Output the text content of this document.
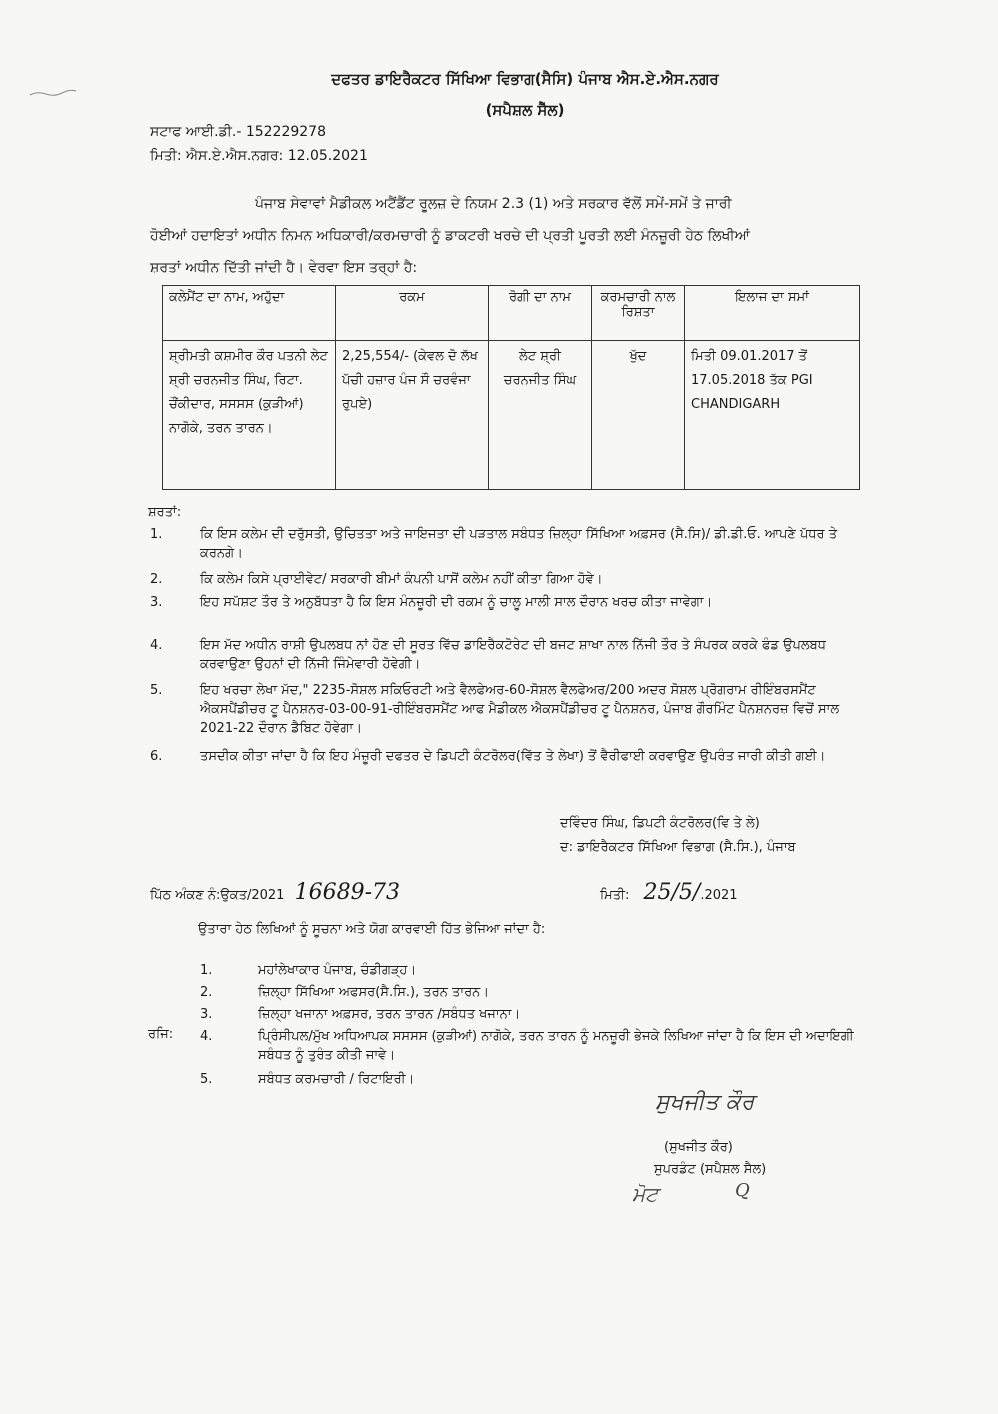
ਦਫਤਰ ਡਾਇਰੈਕਟਰ ਸਿੱਖਿਆ ਵਿਭਾਗ(ਸੈਸਿ) ਪੰਜਾਬ ਐਸ.ਏ.ਐਸ.ਨਗਰ
(ਸਪੈਸ਼ਲ ਸੈੱਲ)
ਸਟਾਫ ਆਈ.ਡੀ.- 152229278
ਮਿਤੀ: ਐਸ.ਏ.ਐਸ.ਨਗਰ: 12.05.2021
ਪੰਜਾਬ ਸੇਵਾਵਾਂ ਮੈਡੀਕਲ ਅਟੈਂਡੈਂਟ ਰੂਲਜ਼ ਦੇ ਨਿਯਮ 2.3 (1) ਅਤੇ ਸਰਕਾਰ ਵੱਲੋਂ ਸਮੇਂ-ਸਮੇਂ ਤੇ ਜਾਰੀ
ਹੋਈਆਂ ਹਦਾਇਤਾਂ ਅਧੀਨ ਨਿਮਨ ਅਧਿਕਾਰੀ/ਕਰਮਚਾਰੀ ਨੂੰ ਡਾਕਟਰੀ ਖਰਚੇ ਦੀ ਪ੍ਰਤੀ ਪੂਰਤੀ ਲਈ ਮੰਨਜ਼ੂਰੀ ਹੇਠ ਲਿਖੀਆਂ
ਸ਼ਰਤਾਂ ਅਧੀਨ ਦਿੱਤੀ ਜਾਂਦੀ ਹੈ। ਵੇਰਵਾ ਇਸ ਤਰ੍ਹਾਂ ਹੈ:
ਕਲੇਮੈਂਟ ਦਾ ਨਾਮ, ਅਹੁੱਦਾ	ਰਕਮ	ਰੋਗੀ ਦਾ ਨਾਮ	ਕਰਮਚਾਰੀ ਨਾਲ ਰਿਸ਼ਤਾ	ਇਲਾਜ ਦਾ ਸਮਾਂ
ਸ਼੍ਰੀਮਤੀ ਕਸ਼ਮੀਰ ਕੌਰ ਪਤਨੀ ਲੇਟ ਸ਼੍ਰੀ ਚਰਨਜੀਤ ਸਿੰਘ, ਰਿਟਾ. ਚੌਂਕੀਦਾਰ, ਸਸਸਸ (ਕੁੜੀਆਂ) ਨਾਗੋਕੇ, ਤਰਨ ਤਾਰਨ।	2,25,554/- (ਕੇਵਲ ਦੋ ਲੱਖ ਪੱਚੀ ਹਜ਼ਾਰ ਪੰਜ ਸੌ ਚਰਵੰਜਾ ਰੁਪਏ)	ਲੇਟ ਸ਼੍ਰੀ ਚਰਨਜੀਤ ਸਿੰਘ	ਖੁੱਦ	ਮਿਤੀ 09.01.2017 ਤੋਂ 17.05.2018 ਤੱਕ PGI CHANDIGARH
ਸ਼ਰਤਾਂ:
1.	ਕਿ ਇਸ ਕਲੇਮ ਦੀ ਦਰੁੱਸਤੀ, ਉਚਿਤਤਾ ਅਤੇ ਜਾਇਜਤਾ ਦੀ ਪੜਤਾਲ ਸਬੰਧਤ ਜ਼ਿਲ੍ਹਾ ਸਿੱਖਿਆ ਅਫ਼ਸਰ (ਸੈ.ਸਿ)/ ਡੀ.ਡੀ.ਓ. ਆਪਣੇ ਪੱਧਰ ਤੇ ਕਰਨਗੇ।
2.	ਕਿ ਕਲੇਮ ਕਿਸੇ ਪ੍ਰਾਈਵੇਟ/ ਸਰਕਾਰੀ ਬੀਮਾਂ ਕੰਪਨੀ ਪਾਸੋਂ ਕਲੇਮ ਨਹੀਂ ਕੀਤਾ ਗਿਆ ਹੋਵੇ।
3.	ਇਹ ਸਪੱਸ਼ਟ ਤੌਰ ਤੇ ਅਨੁਬੱਧਤਾ ਹੈ ਕਿ ਇਸ ਮੰਨਜ਼ੂਰੀ ਦੀ ਰਕਮ ਨੂੰ ਚਾਲੂ ਮਾਲੀ ਸਾਲ ਦੌਰਾਨ ਖਰਚ ਕੀਤਾ ਜਾਵੇਗਾ।
4.	ਇਸ ਮੱਦ ਅਧੀਨ ਰਾਸ਼ੀ ਉਪਲਬਧ ਨਾਂ ਹੋਣ ਦੀ ਸੂਰਤ ਵਿੱਚ ਡਾਇਰੈਕਟੋਰੇਟ ਦੀ ਬਜਟ ਸ਼ਾਖਾ ਨਾਲ ਨਿੱਜੀ ਤੌਰ ਤੇ ਸੰਪਰਕ ਕਰਕੇ ਫੰਡ ਉਪਲਬਧ ਕਰਵਾਉਣਾ ਉਹਨਾਂ ਦੀ ਨਿੱਜੀ ਜਿੰਮੇਵਾਰੀ ਹੋਵੇਗੀ।
5.	ਇਹ ਖਰਚਾ ਲੇਖਾ ਮੱਦ," 2235-ਸੋਸ਼ਲ ਸਕਿਓਰਟੀ ਅਤੇ ਵੈਲਫੇਅਰ-60-ਸੋਸ਼ਲ ਵੈਲਫੇਅਰ/200 ਅਦਰ ਸੋਸ਼ਲ ਪ੍ਰੋਗਰਾਮ ਰੀਇੰਬਰਸਮੈਂਟ ਐਕਸਪੈਂਡੀਚਰ ਟੂ ਪੈਨਸ਼ਨਰ-03-00-91-ਰੀਇੰਬਰਸਮੈਂਟ ਆਫ ਮੈਡੀਕਲ ਐਕਸਪੈਂਡੀਚਰ ਟੂ ਪੈਨਸ਼ਨਰ, ਪੰਜਾਬ ਗੌਰਮਿੰਟ ਪੈਨਸ਼ਨਰਜ਼ ਵਿਚੋਂ ਸਾਲ 2021-22 ਦੌਰਾਨ ਡੈਬਿਟ ਹੋਵੇਗਾ।
6.	ਤਸਦੀਕ ਕੀਤਾ ਜਾਂਦਾ ਹੈ ਕਿ ਇਹ ਮੰਜ਼ੂਰੀ ਦਫਤਰ ਦੇ ਡਿਪਟੀ ਕੰਟਰੋਲਰ(ਵਿੱਤ ਤੇ ਲੇਖਾ) ਤੋਂ ਵੈਰੀਫਾਈ ਕਰਵਾਉਣ ਉਪਰੰਤ ਜਾਰੀ ਕੀਤੀ ਗਈ।
ਦਵਿੰਦਰ ਸਿੰਘ, ਡਿਪਟੀ ਕੰਟਰੋਲਰ(ਵਿ ਤੇ ਲੇ)
ਦ: ਡਾਇਰੈਕਟਰ ਸਿੱਖਿਆ ਵਿਭਾਗ (ਸੈ.ਸਿ.), ਪੰਜਾਬ
ਪਿੱਠ ਅੰਕਣ ਨੰ:ਉਕਤ/2021 16689-73	ਮਿਤੀ: 25/5/.2021
ਉਤਾਰਾ ਹੇਠ ਲਿਖਿਆਂ ਨੂੰ ਸੂਚਨਾ ਅਤੇ ਯੋਗ ਕਾਰਵਾਈ ਹਿੱਤ ਭੇਜਿਆ ਜਾਂਦਾ ਹੈ:
1.	ਮਹਾਂਲੇਖਾਕਾਰ ਪੰਜਾਬ, ਚੰਡੀਗੜ੍ਹ।
2.	ਜ਼ਿਲ੍ਹਾ ਸਿੱਖਿਆ ਅਫਸਰ(ਸੈ.ਸਿ.), ਤਰਨ ਤਾਰਨ।
3.	ਜ਼ਿਲ੍ਹਾ ਖਜਾਨਾ ਅਫ਼ਸਰ, ਤਰਨ ਤਾਰਨ /ਸਬੰਧਤ ਖਜਾਨਾ।
ਰਜਿ: 4.	ਪ੍ਰਿੰਸੀਪਲ/ਮੁੱਖ ਅਧਿਆਪਕ ਸਸਸਸ (ਕੁੜੀਆਂ) ਨਾਗੋਕੇ, ਤਰਨ ਤਾਰਨ ਨੂੰ ਮਨਜ਼ੂਰੀ ਭੇਜਕੇ ਲਿਖਿਆ ਜਾਂਦਾ ਹੈ ਕਿ ਇਸ ਦੀ ਅਦਾਇਗੀ ਸਬੰਧਤ ਨੂੰ ਤੁਰੰਤ ਕੀਤੀ ਜਾਵੇ।
5.	ਸਬੰਧਤ ਕਰਮਚਾਰੀ / ਰਿਟਾਇਰੀ।
ਸੁਖਜੀਤ ਕੌਰ
(ਸੁਖਜੀਤ ਕੌਰ)
ਸੁਪਰਡੰਟ (ਸਪੈਸ਼ਲ ਸੈਲ)
ਮੋਟ	Q
